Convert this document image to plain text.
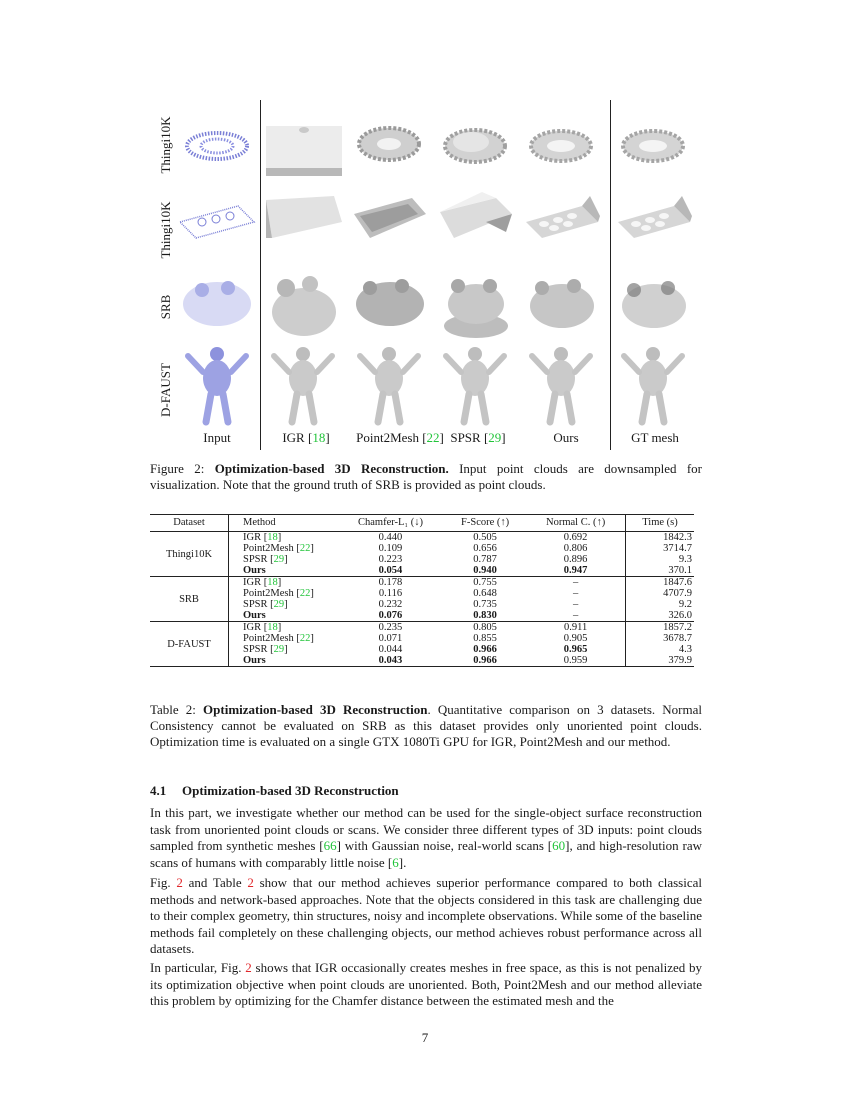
Thingi10K
Thingi10K
SRB
D-FAUST
Input	IGR [18]	Point2Mesh [22] SPSR [29]	Ours	GT mesh
Figure 2: Optimization-based 3D Reconstruction. Input point clouds are downsampled for visualization. Note that the ground truth of SRB is provided as point clouds.
Dataset	Method	Chamfer-L₁ (↓)	F-Score (↑)	Normal C. (↑)	Time (s)
Thingi10K	IGR [18]	0.440	0.505	0.692	1842.3
	Point2Mesh [22]	0.109	0.656	0.806	3714.7
	SPSR [29]	0.223	0.787	0.896	9.3
	Ours	0.054	0.940	0.947	370.1
SRB	IGR [18]	0.178	0.755	–	1847.6
	Point2Mesh [22]	0.116	0.648	–	4707.9
	SPSR [29]	0.232	0.735	–	9.2
	Ours	0.076	0.830	–	326.0
D-FAUST	IGR [18]	0.235	0.805	0.911	1857.2
	Point2Mesh [22]	0.071	0.855	0.905	3678.7
	SPSR [29]	0.044	0.966	0.965	4.3
	Ours	0.043	0.966	0.959	379.9
Table 2: Optimization-based 3D Reconstruction. Quantitative comparison on 3 datasets. Normal Consistency cannot be evaluated on SRB as this dataset provides only unoriented point clouds. Optimization time is evaluated on a single GTX 1080Ti GPU for IGR, Point2Mesh and our method.
4.1 Optimization-based 3D Reconstruction
In this part, we investigate whether our method can be used for the single-object surface reconstruction task from unoriented point clouds or scans. We consider three different types of 3D inputs: point clouds sampled from synthetic meshes [66] with Gaussian noise, real-world scans [60], and high-resolution raw scans of humans with comparably little noise [6].
Fig. 2 and Table 2 show that our method achieves superior performance compared to both classical methods and network-based approaches. Note that the objects considered in this task are challenging due to their complex geometry, thin structures, noisy and incomplete observations. While some of the baseline methods fail completely on these challenging objects, our method achieves robust performance across all datasets.
In particular, Fig. 2 shows that IGR occasionally creates meshes in free space, as this is not penalized by its optimization objective when point clouds are unoriented. Both, Point2Mesh and our method alleviate this problem by optimizing for the Chamfer distance between the estimated mesh and the
7
